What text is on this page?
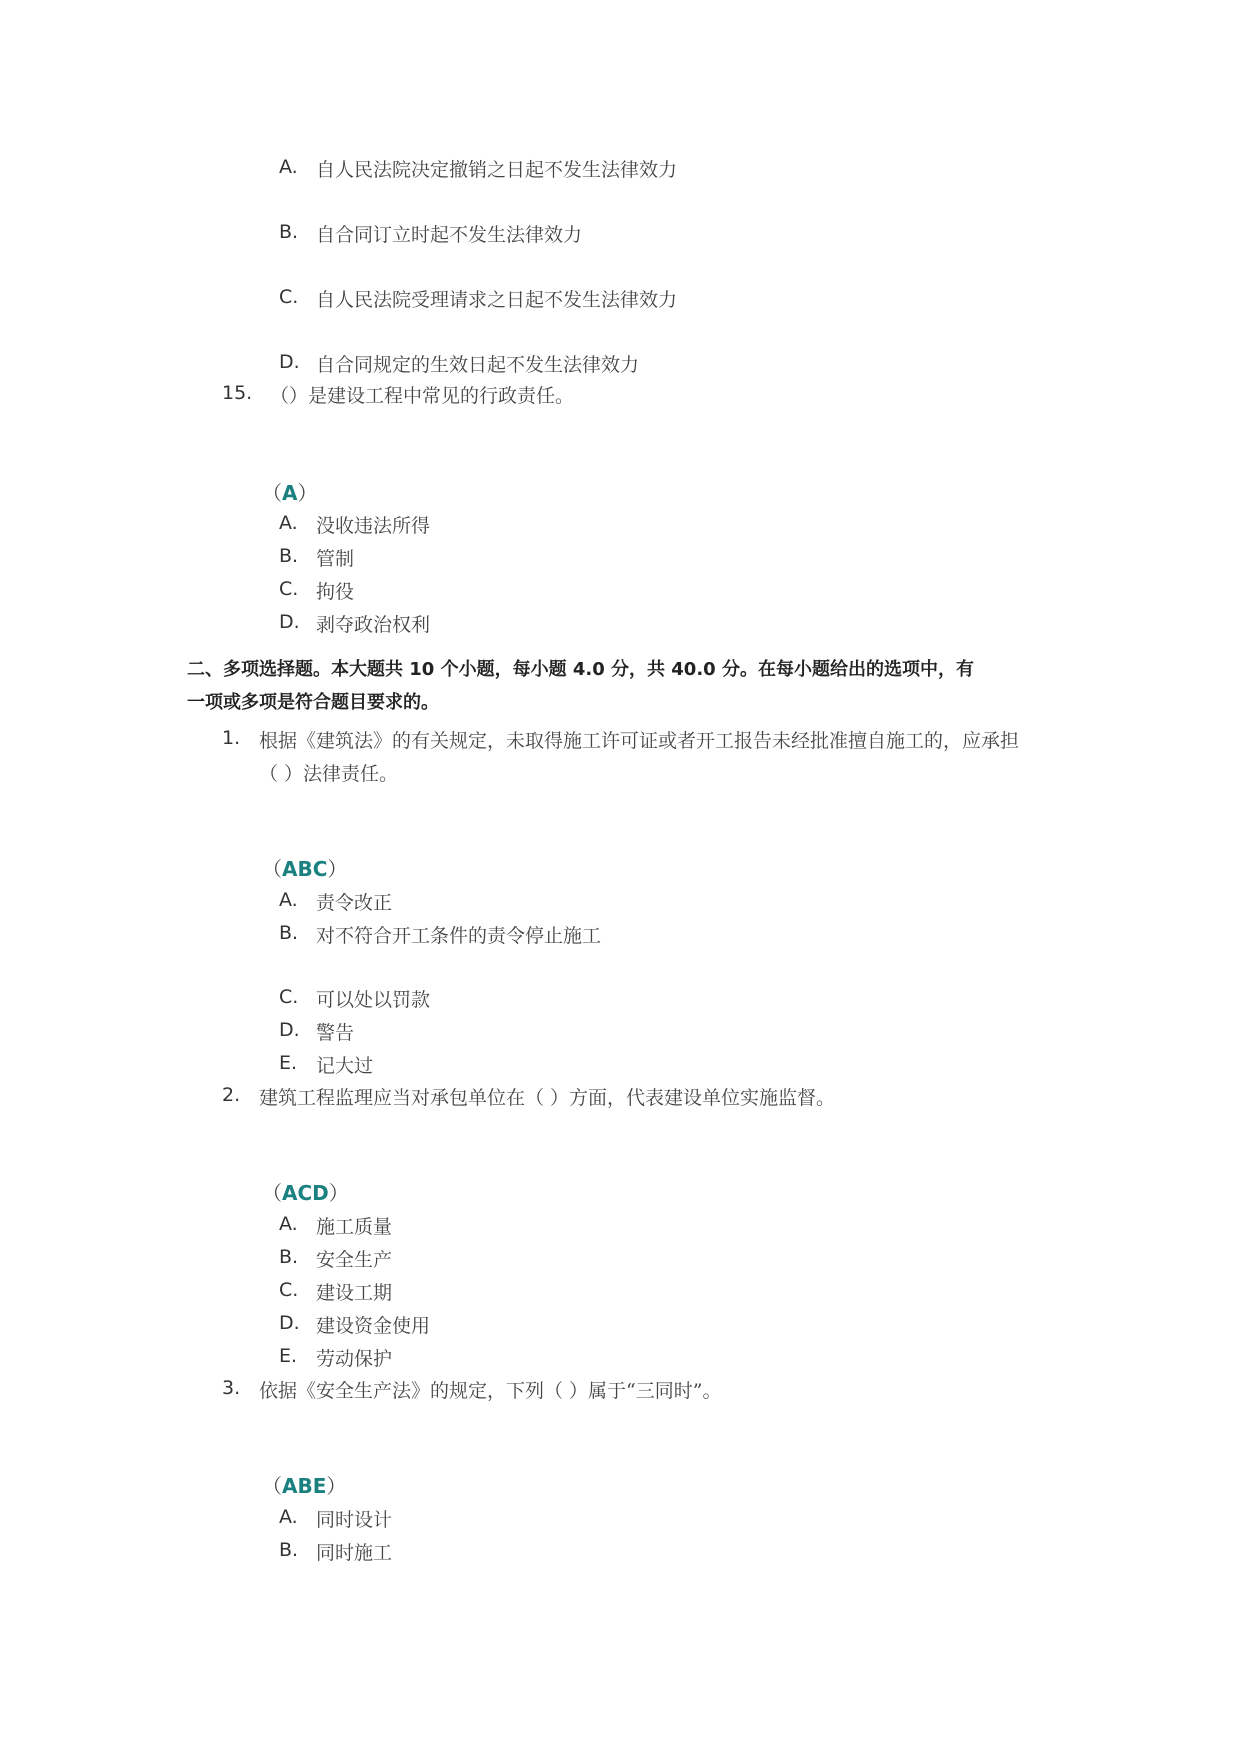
A. 自人民法院决定撤销之日起不发生法律效力
B. 自合同订立时起不发生法律效力
C. 自人民法院受理请求之日起不发生法律效力
D. 自合同规定的生效日起不发生法律效力
15. （）是建设工程中常见的行政责任。
（A）
A. 没收违法所得
B. 管制
C. 拘役
D. 剥夺政治权利
二、多项选择题。本大题共 10 个小题，每小题 4.0 分，共 40.0 分。在每小题给出的选项中，有
一项或多项是符合题目要求的。
1. 根据《建筑法》的有关规定，未取得施工许可证或者开工报告未经批准擅自施工的，应承担
（ ）法律责任。
（ABC）
A. 责令改正
B. 对不符合开工条件的责令停止施工
C. 可以处以罚款
D. 警告
E. 记大过
2. 建筑工程监理应当对承包单位在（ ）方面，代表建设单位实施监督。
（ACD）
A. 施工质量
B. 安全生产
C. 建设工期
D. 建设资金使用
E. 劳动保护
3. 依据《安全生产法》的规定，下列（ ）属于“三同时”。
（ABE）
A. 同时设计
B. 同时施工
